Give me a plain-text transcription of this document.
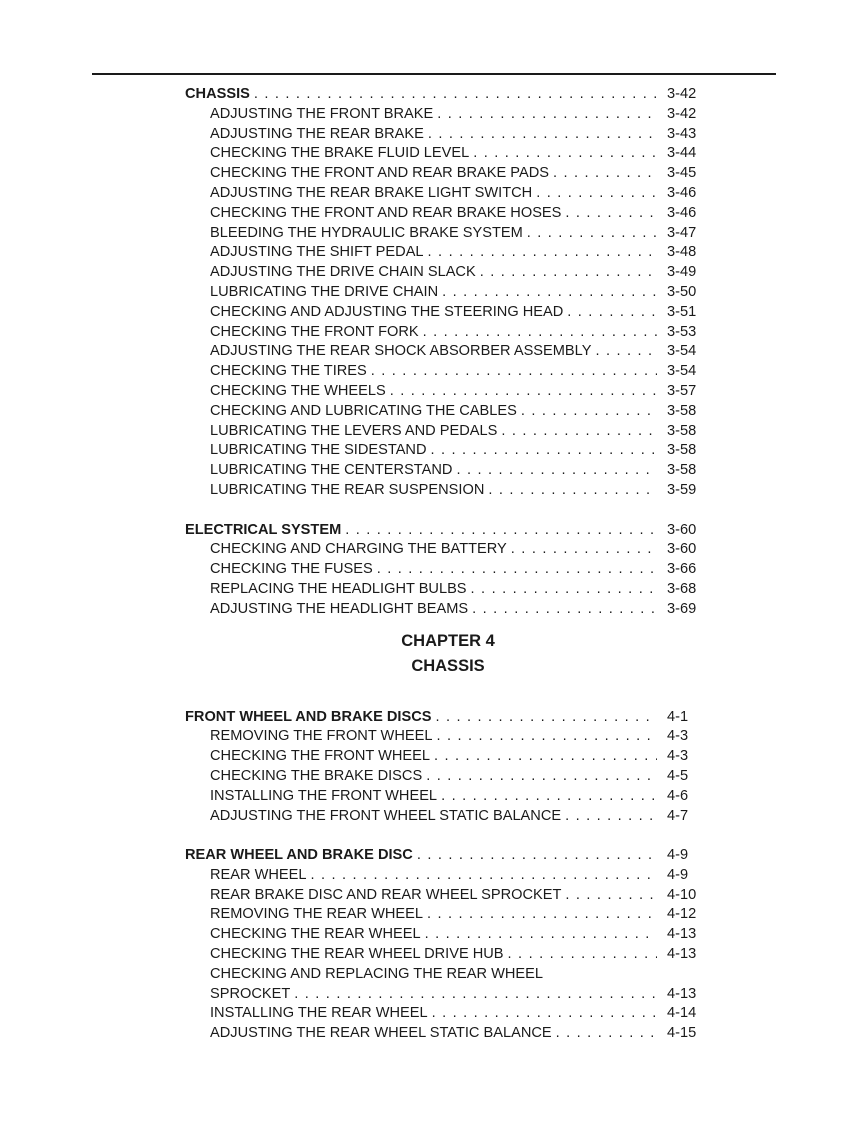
CHASSIS . . .	3-42
ADJUSTING THE FRONT BRAKE . . .	3-42
ADJUSTING THE REAR BRAKE . . .	3-43
CHECKING THE BRAKE FLUID LEVEL . . .	3-44
CHECKING THE FRONT AND REAR BRAKE PADS . . .	3-45
ADJUSTING THE REAR BRAKE LIGHT SWITCH . . .	3-46
CHECKING THE FRONT AND REAR BRAKE HOSES . . .	3-46
BLEEDING THE HYDRAULIC BRAKE SYSTEM . . .	3-47
ADJUSTING THE SHIFT PEDAL . . .	3-48
ADJUSTING THE DRIVE CHAIN SLACK . . .	3-49
LUBRICATING THE DRIVE CHAIN . . .	3-50
CHECKING AND ADJUSTING THE STEERING HEAD . . .	3-51
CHECKING THE FRONT FORK . . .	3-53
ADJUSTING THE REAR SHOCK ABSORBER ASSEMBLY . . .	3-54
CHECKING THE TIRES . . .	3-54
CHECKING THE WHEELS . . .	3-57
CHECKING AND LUBRICATING THE CABLES . . .	3-58
LUBRICATING THE LEVERS AND PEDALS . . .	3-58
LUBRICATING THE SIDESTAND . . .	3-58
LUBRICATING THE CENTERSTAND . . .	3-58
LUBRICATING THE REAR SUSPENSION . . .	3-59
ELECTRICAL SYSTEM . . .	3-60
CHECKING AND CHARGING THE BATTERY . . .	3-60
CHECKING THE FUSES . . .	3-66
REPLACING THE HEADLIGHT BULBS . . .	3-68
ADJUSTING THE HEADLIGHT BEAMS . . .	3-69
CHAPTER 4
CHASSIS
FRONT WHEEL AND BRAKE DISCS . . .	4-1
REMOVING THE FRONT WHEEL . . .	4-3
CHECKING THE FRONT WHEEL . . .	4-3
CHECKING THE BRAKE DISCS . . .	4-5
INSTALLING THE FRONT WHEEL . . .	4-6
ADJUSTING THE FRONT WHEEL STATIC BALANCE . . .	4-7
REAR WHEEL AND BRAKE DISC . . .	4-9
REAR WHEEL . . .	4-9
REAR BRAKE DISC AND REAR WHEEL SPROCKET . . .	4-10
REMOVING THE REAR WHEEL . . .	4-12
CHECKING THE REAR WHEEL . . .	4-13
CHECKING THE REAR WHEEL DRIVE HUB . . .	4-13
CHECKING AND REPLACING THE REAR WHEEL
SPROCKET . . .	4-13
INSTALLING THE REAR WHEEL . . .	4-14
ADJUSTING THE REAR WHEEL STATIC BALANCE . . .	4-15
